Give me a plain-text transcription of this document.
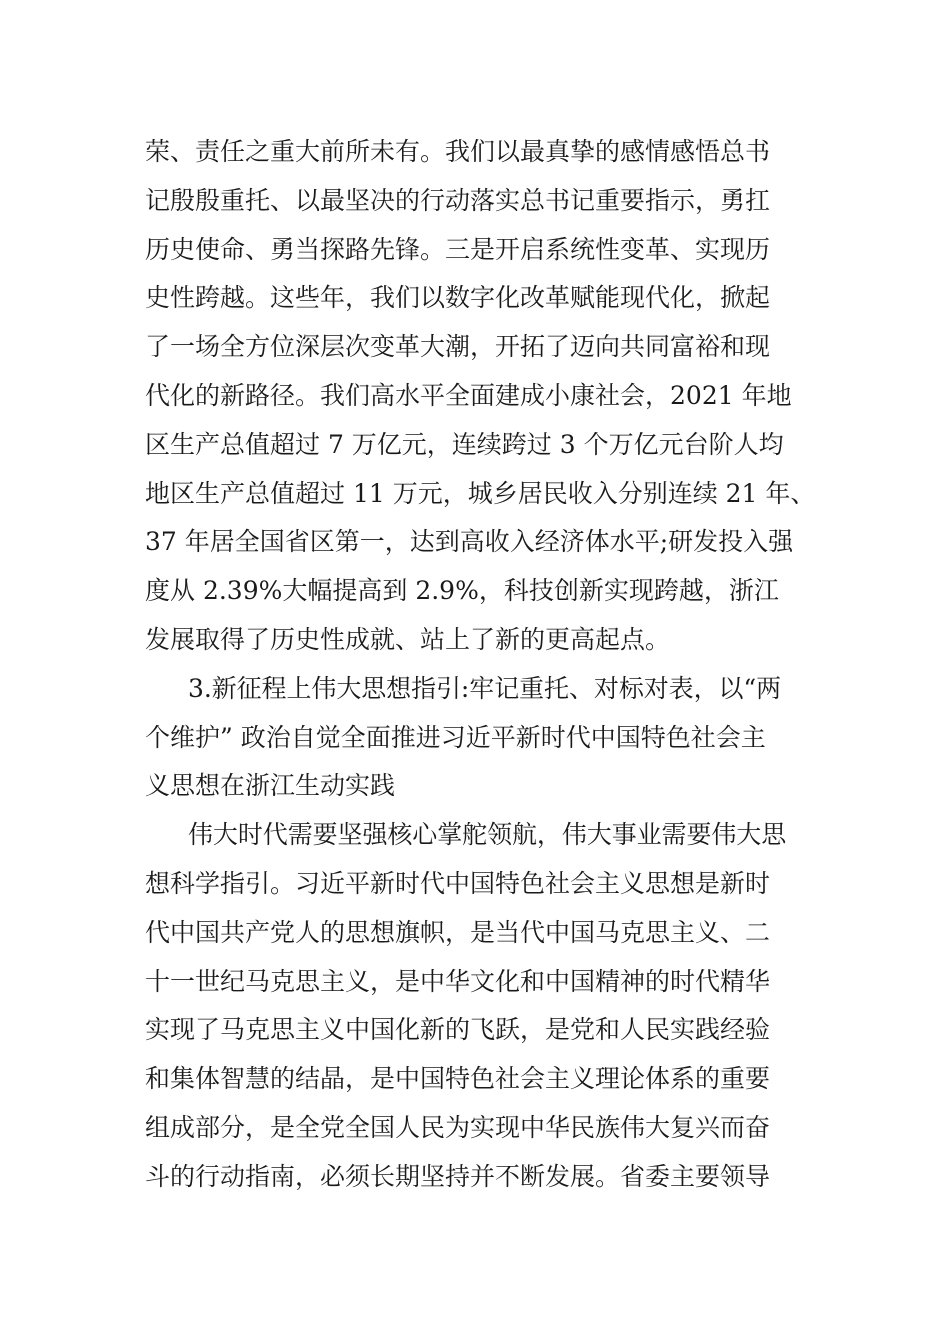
荣、责任之重大前所未有。我们以最真挚的感情感悟总书
记殷殷重托、以最坚决的行动落实总书记重要指示，勇扛
历史使命、勇当探路先锋。三是开启系统性变革、实现历
史性跨越。这些年，我们以数字化改革赋能现代化，掀起
了一场全方位深层次变革大潮，开拓了迈向共同富裕和现
代化的新路径。我们高水平全面建成小康社会，2021 年地
区生产总值超过 7 万亿元，连续跨过 3 个万亿元台阶人均
地区生产总值超过 11 万元，城乡居民收入分别连续 21 年、
37 年居全国省区第一，达到高收入经济体水平;研发投入强
度从 2.39%大幅提高到 2.9%，科技创新实现跨越，浙江
发展取得了历史性成就、站上了新的更高起点。
3.新征程上伟大思想指引:牢记重托、对标对表，以“两
个维护” 政治自觉全面推进习近平新时代中国特色社会主
义思想在浙江生动实践
伟大时代需要坚强核心掌舵领航，伟大事业需要伟大思
想科学指引。习近平新时代中国特色社会主义思想是新时
代中国共产党人的思想旗帜，是当代中国马克思主义、二
十一世纪马克思主义，是中华文化和中国精神的时代精华
实现了马克思主义中国化新的飞跃，是党和人民实践经验
和集体智慧的结晶，是中国特色社会主义理论体系的重要
组成部分，是全党全国人民为实现中华民族伟大复兴而奋
斗的行动指南，必须长期坚持并不断发展。省委主要领导
